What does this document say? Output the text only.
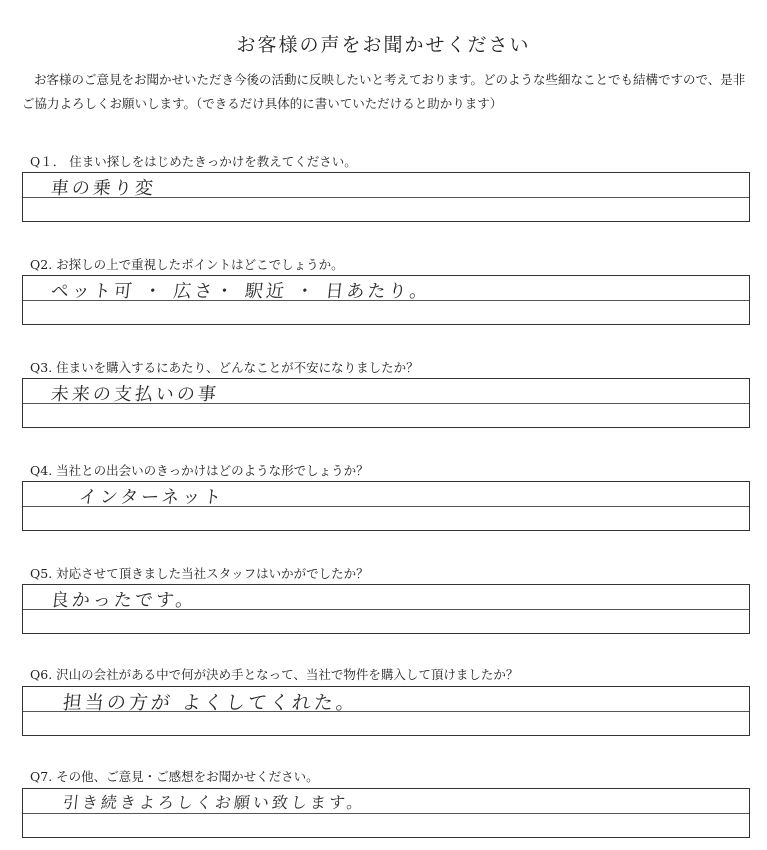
お客様の声をお聞かせください
お客様のご意見をお聞かせいただき今後の活動に反映したいと考えております。どのような些細なことでも結構ですので、是非ご協力よろしくお願いします。（できるだけ具体的に書いていただけると助かります）
Q１． 住まい探しをはじめたきっかけを教えてください。
車の乗り変
Q2. お探しの上で重視したポイントはどこでしょうか。
ペット可 ・ 広さ・ 駅近 ・ 日あたり。
Q3. 住まいを購入するにあたり、どんなことが不安になりましたか？
未来の支払いの事
Q4. 当社との出会いのきっかけはどのような形でしょうか？
インターネット
Q5. 対応させて頂きました当社スタッフはいかがでしたか？
良かったです。
Q6. 沢山の会社がある中で何が決め手となって、当社で物件を購入して頂けましたか？
担当の方が よくしてくれた。
Q7. その他、ご意見・ご感想をお聞かせください。
引き続きよろしくお願い致します。
